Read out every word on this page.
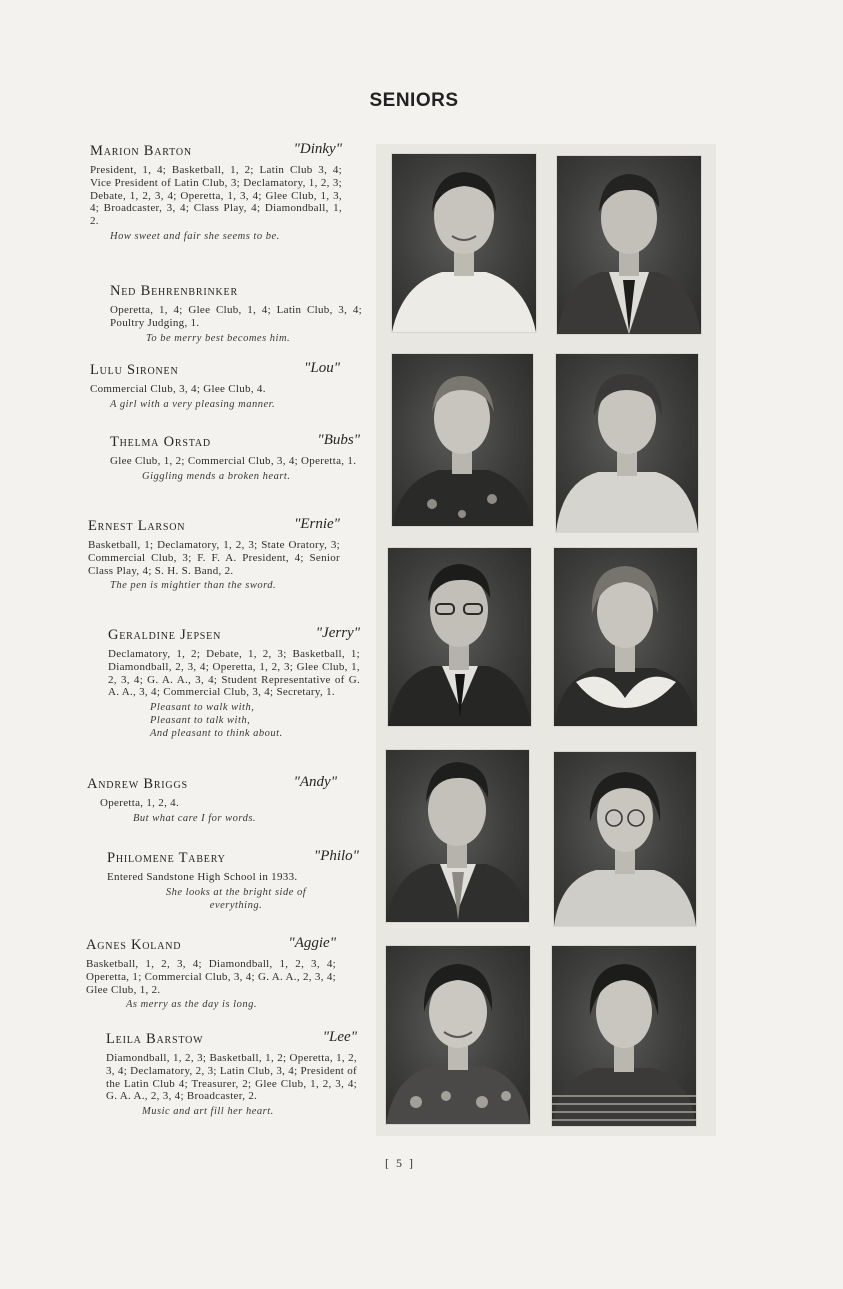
SENIORS
Marion Barton	"Dinky"
President, 1, 4; Basketball, 1, 2; Latin Club 3, 4; Vice President of Latin Club, 3; Declamatory, 1, 2, 3; Debate, 1, 2, 3, 4; Operetta, 1, 3, 4; Glee Club, 1, 3, 4; Broadcaster, 3, 4; Class Play, 4; Diamondball, 1, 2.
How sweet and fair she seems to be.
Ned Behrenbrinker
Operetta, 1, 4; Glee Club, 1, 4; Latin Club, 3, 4; Poultry Judging, 1.
To be merry best becomes him.
Lulu Sironen	"Lou"
Commercial Club, 3, 4; Glee Club, 4.
A girl with a very pleasing manner.
Thelma Orstad	"Bubs"
Glee Club, 1, 2; Commercial Club, 3, 4; Operetta, 1.
Giggling mends a broken heart.
Ernest Larson	"Ernie"
Basketball, 1; Declamatory, 1, 2, 3; State Oratory, 3; Commercial Club, 3; F. F. A. President, 4; Senior Class Play, 4; S. H. S. Band, 2.
The pen is mightier than the sword.
Geraldine Jepsen	"Jerry"
Declamatory, 1, 2; Debate, 1, 2, 3; Basketball, 1; Diamondball, 2, 3, 4; Operetta, 1, 2, 3; Glee Club, 1, 2, 3, 4; G. A. A., 3, 4; Student Representative of G. A. A., 3, 4; Commercial Club, 3, 4; Secretary, 1.
Pleasant to walk with,
Pleasant to talk with,
And pleasant to think about.
Andrew Briggs	"Andy"
Operetta, 1, 2, 4.
But what care I for words.
Philomene Tabery	"Philo"
Entered Sandstone High School in 1933.
She looks at the bright side of
everything.
Agnes Koland	"Aggie"
Basketball, 1, 2, 3, 4; Diamondball, 1, 2, 3, 4; Operetta, 1; Commercial Club, 3, 4; G. A. A., 2, 3, 4; Glee Club, 1, 2.
As merry as the day is long.
Leila Barstow	"Lee"
Diamondball, 1, 2, 3; Basketball, 1, 2; Operetta, 1, 2, 3, 4; Declamatory, 2, 3; Latin Club, 3, 4; President of the Latin Club 4; Treasurer, 2; Glee Club, 1, 2, 3, 4; G. A. A., 2, 3, 4; Broadcaster, 2.
Music and art fill her heart.
[ 5 ]
